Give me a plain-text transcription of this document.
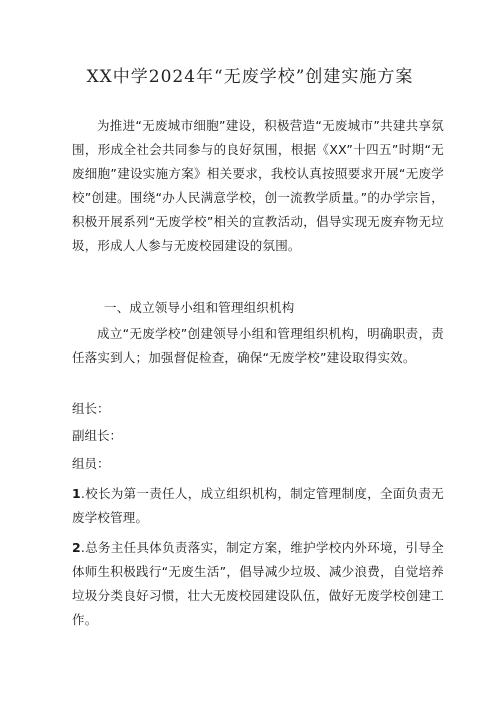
XX中学2024年“无废学校”创建实施方案

为推进“无废城市细胞”建设，积极营造“无废城市”共建共享氛围，形成全社会共同参与的良好氛围，根据《XX”十四五”时期“无废细胞”建设实施方案》相关要求，我校认真按照要求开展“无废学校”创建。围绕“办人民满意学校，创一流教学质量。”的办学宗旨，积极开展系列“无废学校”相关的宣教活动，倡导实现无废弃物无垃圾，形成人人参与无废校园建设的氛围。

一、成立领导小组和管理组织机构

成立“无废学校”创建领导小组和管理组织机构，明确职责，责任落实到人；加强督促检查，确保“无废学校”建设取得实效。

组长：
副组长：
组员：

1.校长为第一责任人，成立组织机构，制定管理制度，全面负责无废学校管理。

2.总务主任具体负责落实，制定方案，维护学校内外环境，引导全体师生积极践行“无废生活”，倡导减少垃圾、减少浪费，自觉培养垃圾分类良好习惯，壮大无废校园建设队伍，做好无废学校创建工作。
